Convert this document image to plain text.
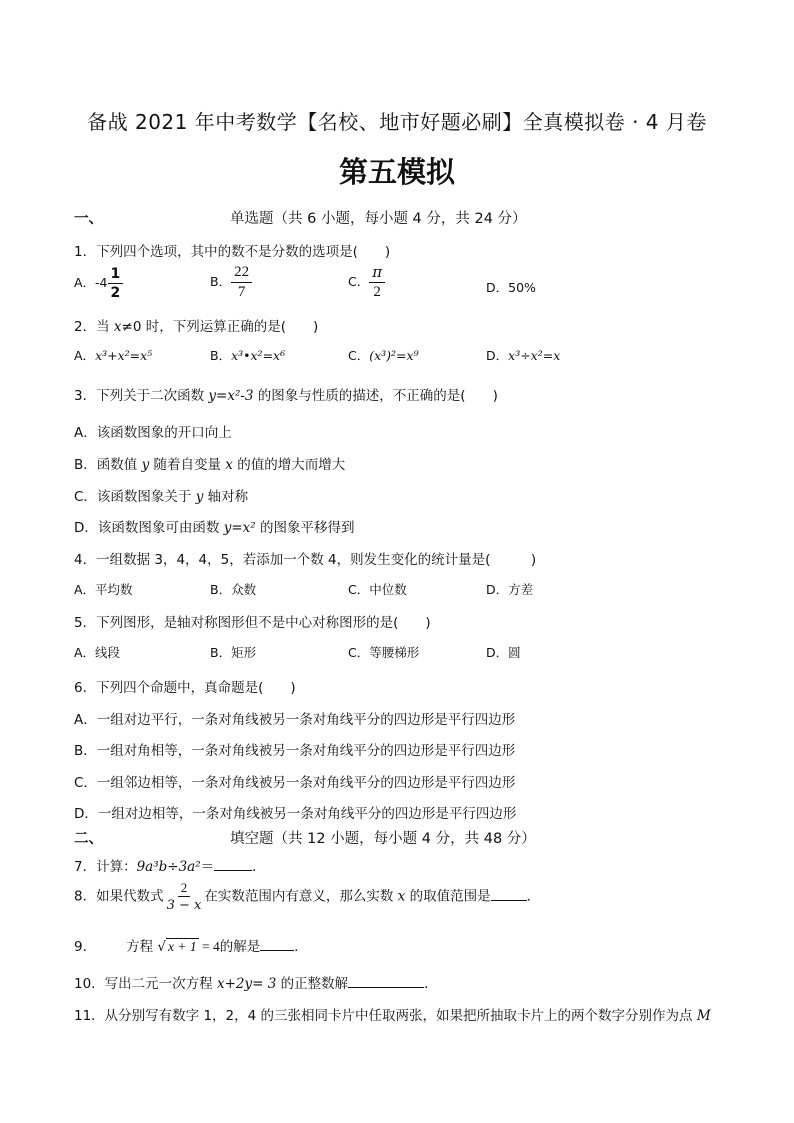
备战 2021 年中考数学【名校、地市好题必刷】全真模拟卷 · 4 月卷
第五模拟
一、	单选题（共 6 小题，每小题 4 分，共 24 分）
1．下列四个选项，其中的数不是分数的选项是(　　)
A．$-4 \frac{1}{2}$	B． $\frac{22}{7}$	C． $\frac{\pi}{2}$	D．50%
2．当 x≠0 时，下列运算正确的是(　　)
A．x³+x²=x⁵	B．x³•x²=x⁶	C．(x³)²=x⁹	D．x³÷x²=x
3．下列关于二次函数 y=x²-3 的图象与性质的描述，不正确的是(　　)
A．该函数图象的开口向上
B．函数值 y 随着自变量 x 的值的增大而增大
C．该函数图象关于 y 轴对称
D．该函数图象可由函数 y=x² 的图象平移得到
4．一组数据 3，4，4，5，若添加一个数 4，则发生变化的统计量是(　　　)
A．平均数	B．众数	C．中位数	D．方差
5．下列图形，是轴对称图形但不是中心对称图形的是(　　)
A．线段	B．矩形	C．等腰梯形	D．圆
6．下列四个命题中，真命题是(　　)
A．一组对边平行，一条对角线被另一条对角线平分的四边形是平行四边形
B．一组对角相等，一条对角线被另一条对角线平分的四边形是平行四边形
C．一组邻边相等，一条对角线被另一条对角线平分的四边形是平行四边形
D．一组对边相等，一条对角线被另一条对角线平分的四边形是平行四边形
二、	填空题（共 12 小题，每小题 4 分，共 48 分）
7．计算：9a³b÷3a²＝	．
8．如果代数式 $\frac{2}{3 - x}$ 在实数范围内有意义，那么实数 x 的取值范围是	．
9． 方程 √ x + 1 = 4的解是	．
10．写出二元一次方程 x+2y= 3 的正整数解	．
11．从分别写有数字 1，2，4 的三张相同卡片中任取两张，如果把所抽取卡片上的两个数字分别作为点 M
